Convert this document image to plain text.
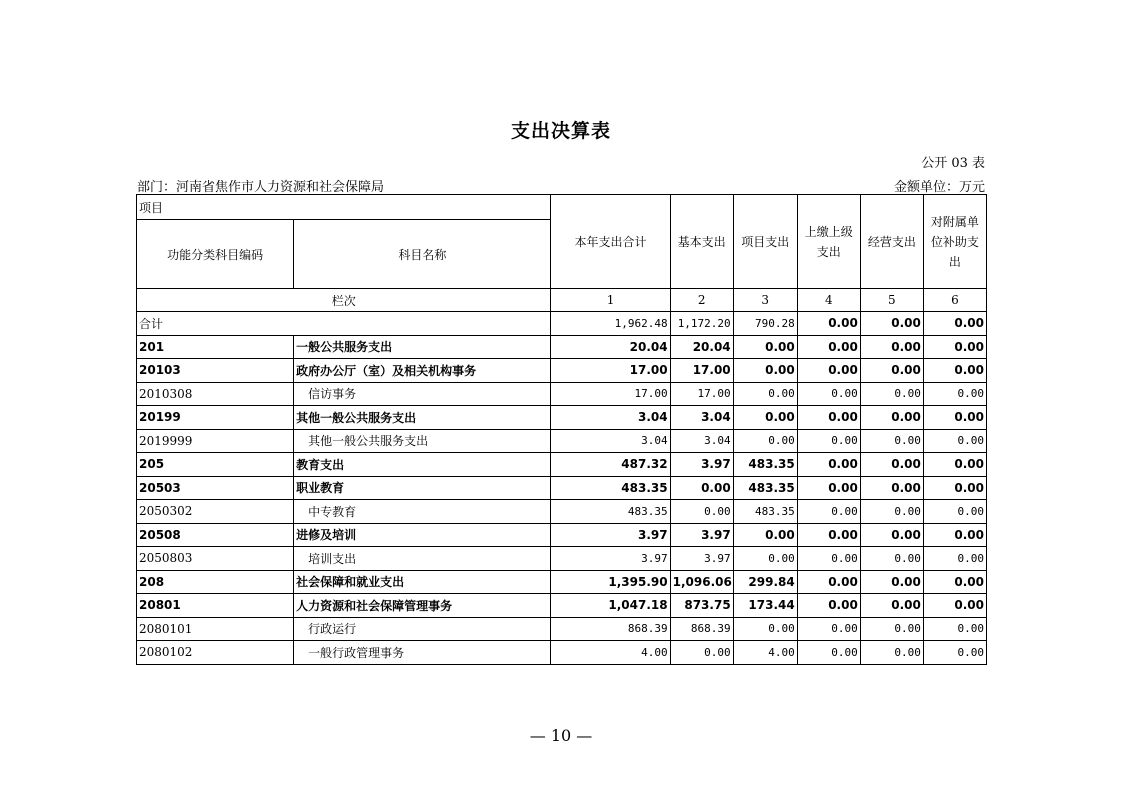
支出决算表
公开 03 表
部门：河南省焦作市人力资源和社会保障局	金额单位：万元
项目		本年支出合计	基本支出	项目支出	上缴上级支出	经营支出	对附属单位补助支出
功能分类科目编码	科目名称						
栏次		1	2	3	4	5	6
合计		1,962.48	1,172.20	790.28	0.00	0.00	0.00
201	一般公共服务支出	20.04	20.04	0.00	0.00	0.00	0.00
20103	政府办公厅（室）及相关机构事务	17.00	17.00	0.00	0.00	0.00	0.00
2010308	信访事务	17.00	17.00	0.00	0.00	0.00	0.00
20199	其他一般公共服务支出	3.04	3.04	0.00	0.00	0.00	0.00
2019999	其他一般公共服务支出	3.04	3.04	0.00	0.00	0.00	0.00
205	教育支出	487.32	3.97	483.35	0.00	0.00	0.00
20503	职业教育	483.35	0.00	483.35	0.00	0.00	0.00
2050302	中专教育	483.35	0.00	483.35	0.00	0.00	0.00
20508	进修及培训	3.97	3.97	0.00	0.00	0.00	0.00
2050803	培训支出	3.97	3.97	0.00	0.00	0.00	0.00
208	社会保障和就业支出	1,395.90	1,096.06	299.84	0.00	0.00	0.00
20801	人力资源和社会保障管理事务	1,047.18	873.75	173.44	0.00	0.00	0.00
2080101	行政运行	868.39	868.39	0.00	0.00	0.00	0.00
2080102	一般行政管理事务	4.00	0.00	4.00	0.00	0.00	0.00
— 10 —
